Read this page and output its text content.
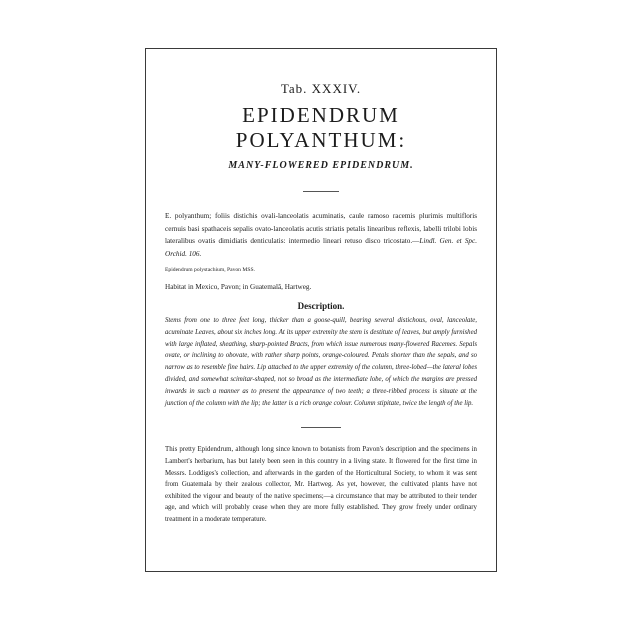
Tab. XXXIV.
EPIDENDRUM POLYANTHUM:
MANY-FLOWERED EPIDENDRUM.

E. polyanthum; foliis distichis ovali-lanceolatis acuminatis, caule ramoso racemis plurimis multifloris cernuis basi spathaceis sepalis ovato-lanceolatis acutis striatis petalis linearibus reflexis, labelli trilobi lobis lateralibus ovatis dimidiatis denticulatis: intermedio lineari retuso disco tricostato.—Lindl. Gen. et Spc. Orchid. 106.

Epidendrum polystachium, Pavon MSS.

Habitat in Mexico, Pavon; in Guatemalâ, Hartweg.

Description.

Stems from one to three feet long, thicker than a goose-quill, bearing several distichous, oval, lanceolate, acuminate Leaves, about six inches long. At its upper extremity the stem is destitute of leaves, but amply furnished with large inflated, sheathing, sharp-pointed Bracts, from which issue numerous many-flowered Racemes. Sepals ovate, or inclining to obovate, with rather sharp points, orange-coloured. Petals shorter than the sepals, and so narrow as to resemble fine hairs. Lip attached to the upper extremity of the column, three-lobed—the lateral lobes divided, and somewhat scimitar-shaped, not so broad as the intermediate lobe, of which the margins are pressed inwards in such a manner as to present the appearance of two teeth; a three-ribbed process is situate at the junction of the column with the lip; the latter is a rich orange colour. Column stipitate, twice the length of the lip.

This pretty Epidendrum, although long since known to botanists from Pavon's description and the specimens in Lambert's herbarium, has but lately been seen in this country in a living state. It flowered for the first time in Messrs. Loddiges's collection, and afterwards in the garden of the Horticultural Society, to whom it was sent from Guatemala by their zealous collector, Mr. Hartweg. As yet, however, the cultivated plants have not exhibited the vigour and beauty of the native specimens;—a circumstance that may be attributed to their tender age, and which will probably cease when they are more fully established. They grow freely under ordinary treatment in a moderate temperature.
